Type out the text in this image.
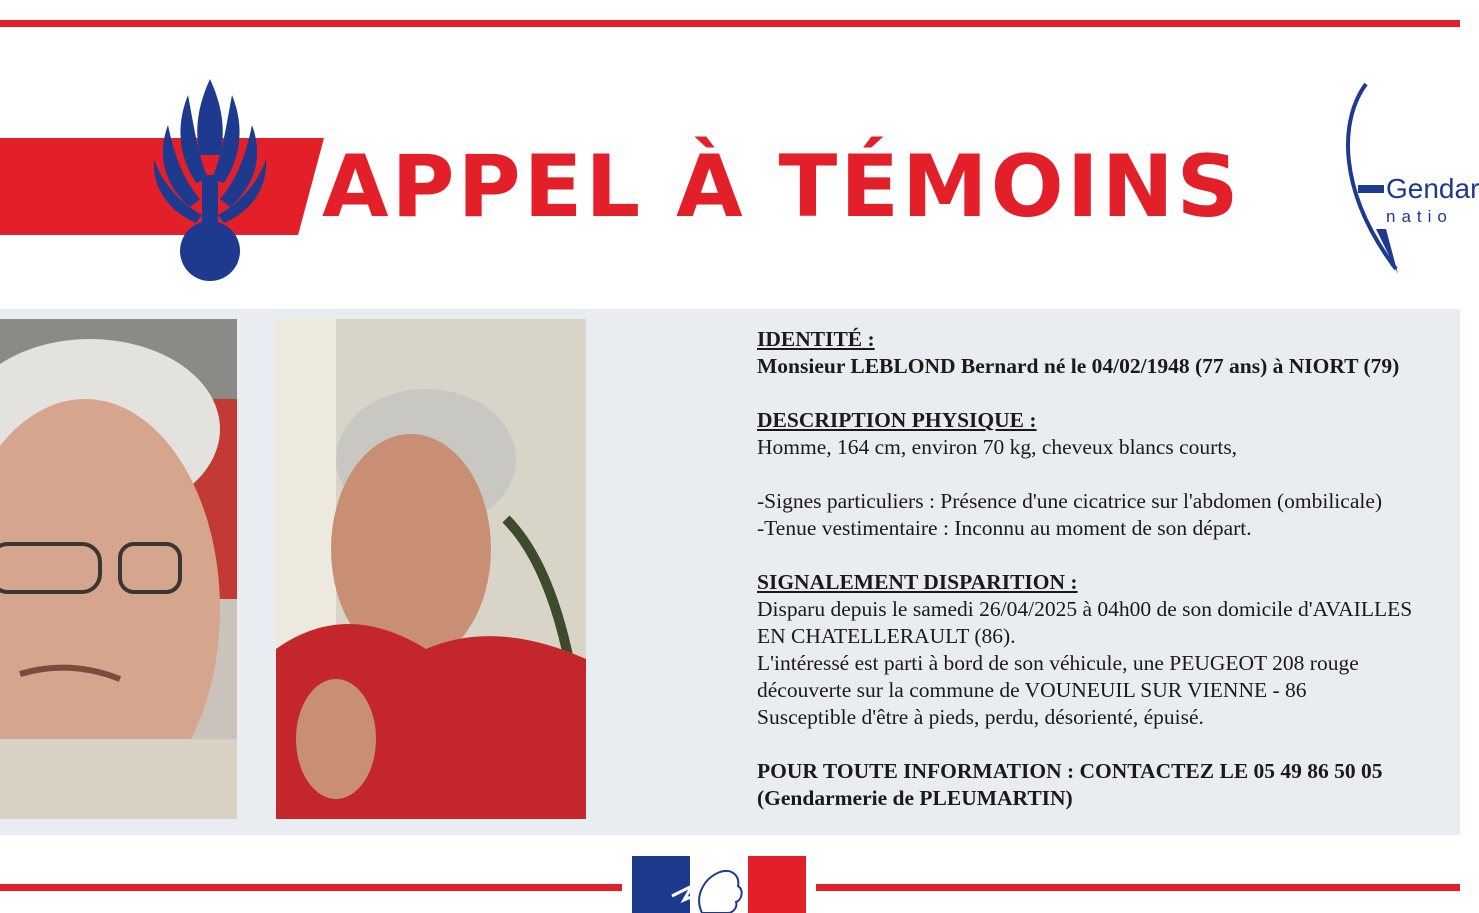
APPEL À TÉMOINS	Gendar
natio

IDENTITÉ :

Monsieur LEBLOND Bernard né le 04/02/1948 (77 ans) à NIORT (79)

DESCRIPTION PHYSIQUE :

Homme, 164 cm, environ 70 kg, cheveux blancs courts,

-Signes particuliers : Présence d'une cicatrice sur l'abdomen (ombilicale)

-Tenue vestimentaire : Inconnu au moment de son départ.

SIGNALEMENT DISPARITION :

Disparu depuis le samedi 26/04/2025 à 04h00 de son domicile d'AVAILLES

EN CHATELLERAULT (86).

L'intéressé est parti à bord de son véhicule, une PEUGEOT 208 rouge

découverte sur la commune de VOUNEUIL SUR VIENNE - 86

Susceptible d'être à pieds, perdu, désorienté, épuisé.

POUR TOUTE INFORMATION : CONTACTEZ LE 05 49 86 50 05

(Gendarmerie de PLEUMARTIN)
